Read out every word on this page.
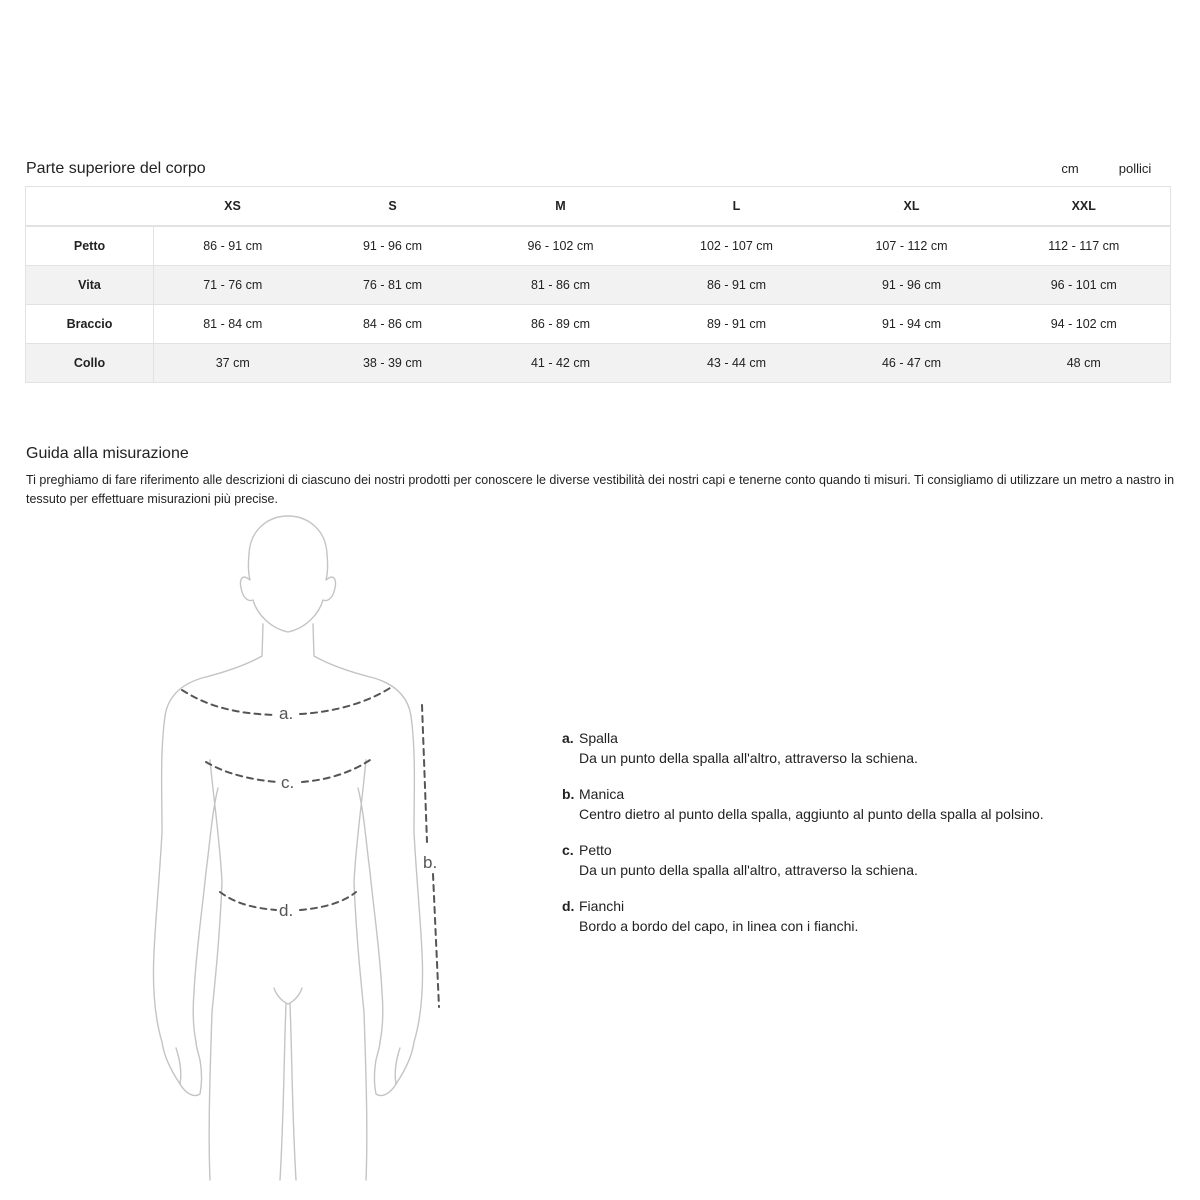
Parte superiore del corpo	cm	pollici
	XS	S	M	L	XL	XXL
Petto	86 - 91 cm	91 - 96 cm	96 - 102 cm	102 - 107 cm	107 - 112 cm	112 - 117 cm
Vita	71 - 76 cm	76 - 81 cm	81 - 86 cm	86 - 91 cm	91 - 96 cm	96 - 101 cm
Braccio	81 - 84 cm	84 - 86 cm	86 - 89 cm	89 - 91 cm	91 - 94 cm	94 - 102 cm
Collo	37 cm	38 - 39 cm	41 - 42 cm	43 - 44 cm	46 - 47 cm	48 cm
Guida alla misurazione

Ti preghiamo di fare riferimento alle descrizioni di ciascuno dei nostri prodotti per conoscere le diverse vestibilità dei nostri capi e tenerne conto quando ti misuri. Ti consigliamo di utilizzare un metro a nastro in tessuto per effettuare misurazioni più precise.

a.
c.
d.
b.
a. Spalla
Da un punto della spalla all'altro, attraverso la schiena.
b. Manica
Centro dietro al punto della spalla, aggiunto al punto della spalla al polsino.
c. Petto
Da un punto della spalla all'altro, attraverso la schiena.
d. Fianchi
Bordo a bordo del capo, in linea con i fianchi.
